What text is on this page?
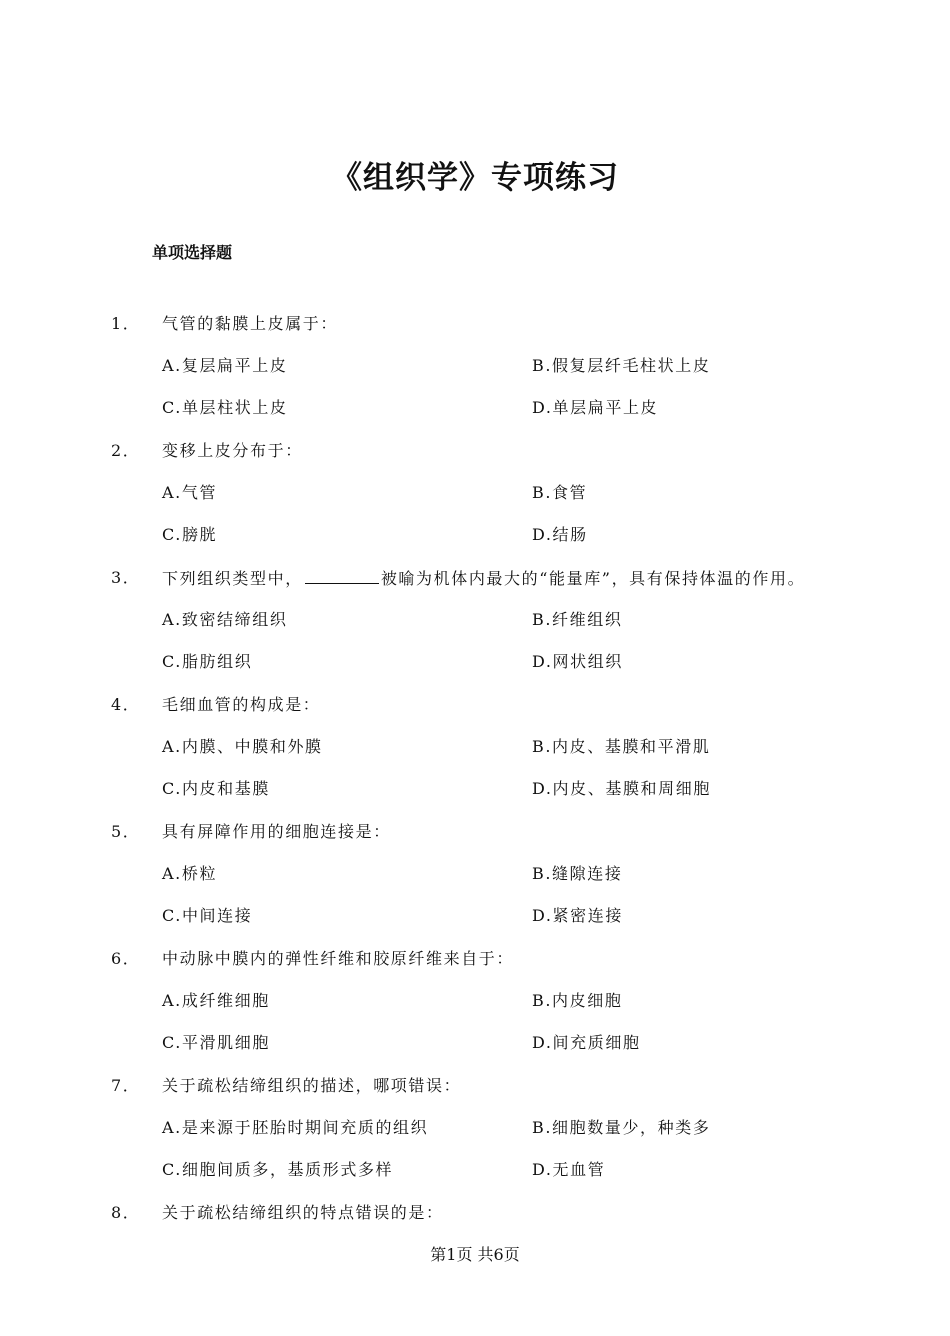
《组织学》专项练习
单项选择题
1． 气管的黏膜上皮属于：
A.复层扁平上皮	B.假复层纤毛柱状上皮
C.单层柱状上皮	D.单层扁平上皮
2． 变移上皮分布于：
A.气管	B.食管
C.膀胱	D.结肠
3． 下列组织类型中，	被喻为机体内最大的“能量库”，具有保持体温的作用。
A.致密结缔组织	B.纤维组织
C.脂肪组织	D.网状组织
4． 毛细血管的构成是：
A.内膜、中膜和外膜	B.内皮、基膜和平滑肌
C.内皮和基膜	D.内皮、基膜和周细胞
5． 具有屏障作用的细胞连接是：
A.桥粒	B.缝隙连接
C.中间连接	D.紧密连接
6． 中动脉中膜内的弹性纤维和胶原纤维来自于：
A.成纤维细胞	B.内皮细胞
C.平滑肌细胞	D.间充质细胞
7． 关于疏松结缔组织的描述，哪项错误：
A.是来源于胚胎时期间充质的组织	B.细胞数量少，种类多
C.细胞间质多，基质形式多样	D.无血管
8． 关于疏松结缔组织的特点错误的是：
第1页 共6页
